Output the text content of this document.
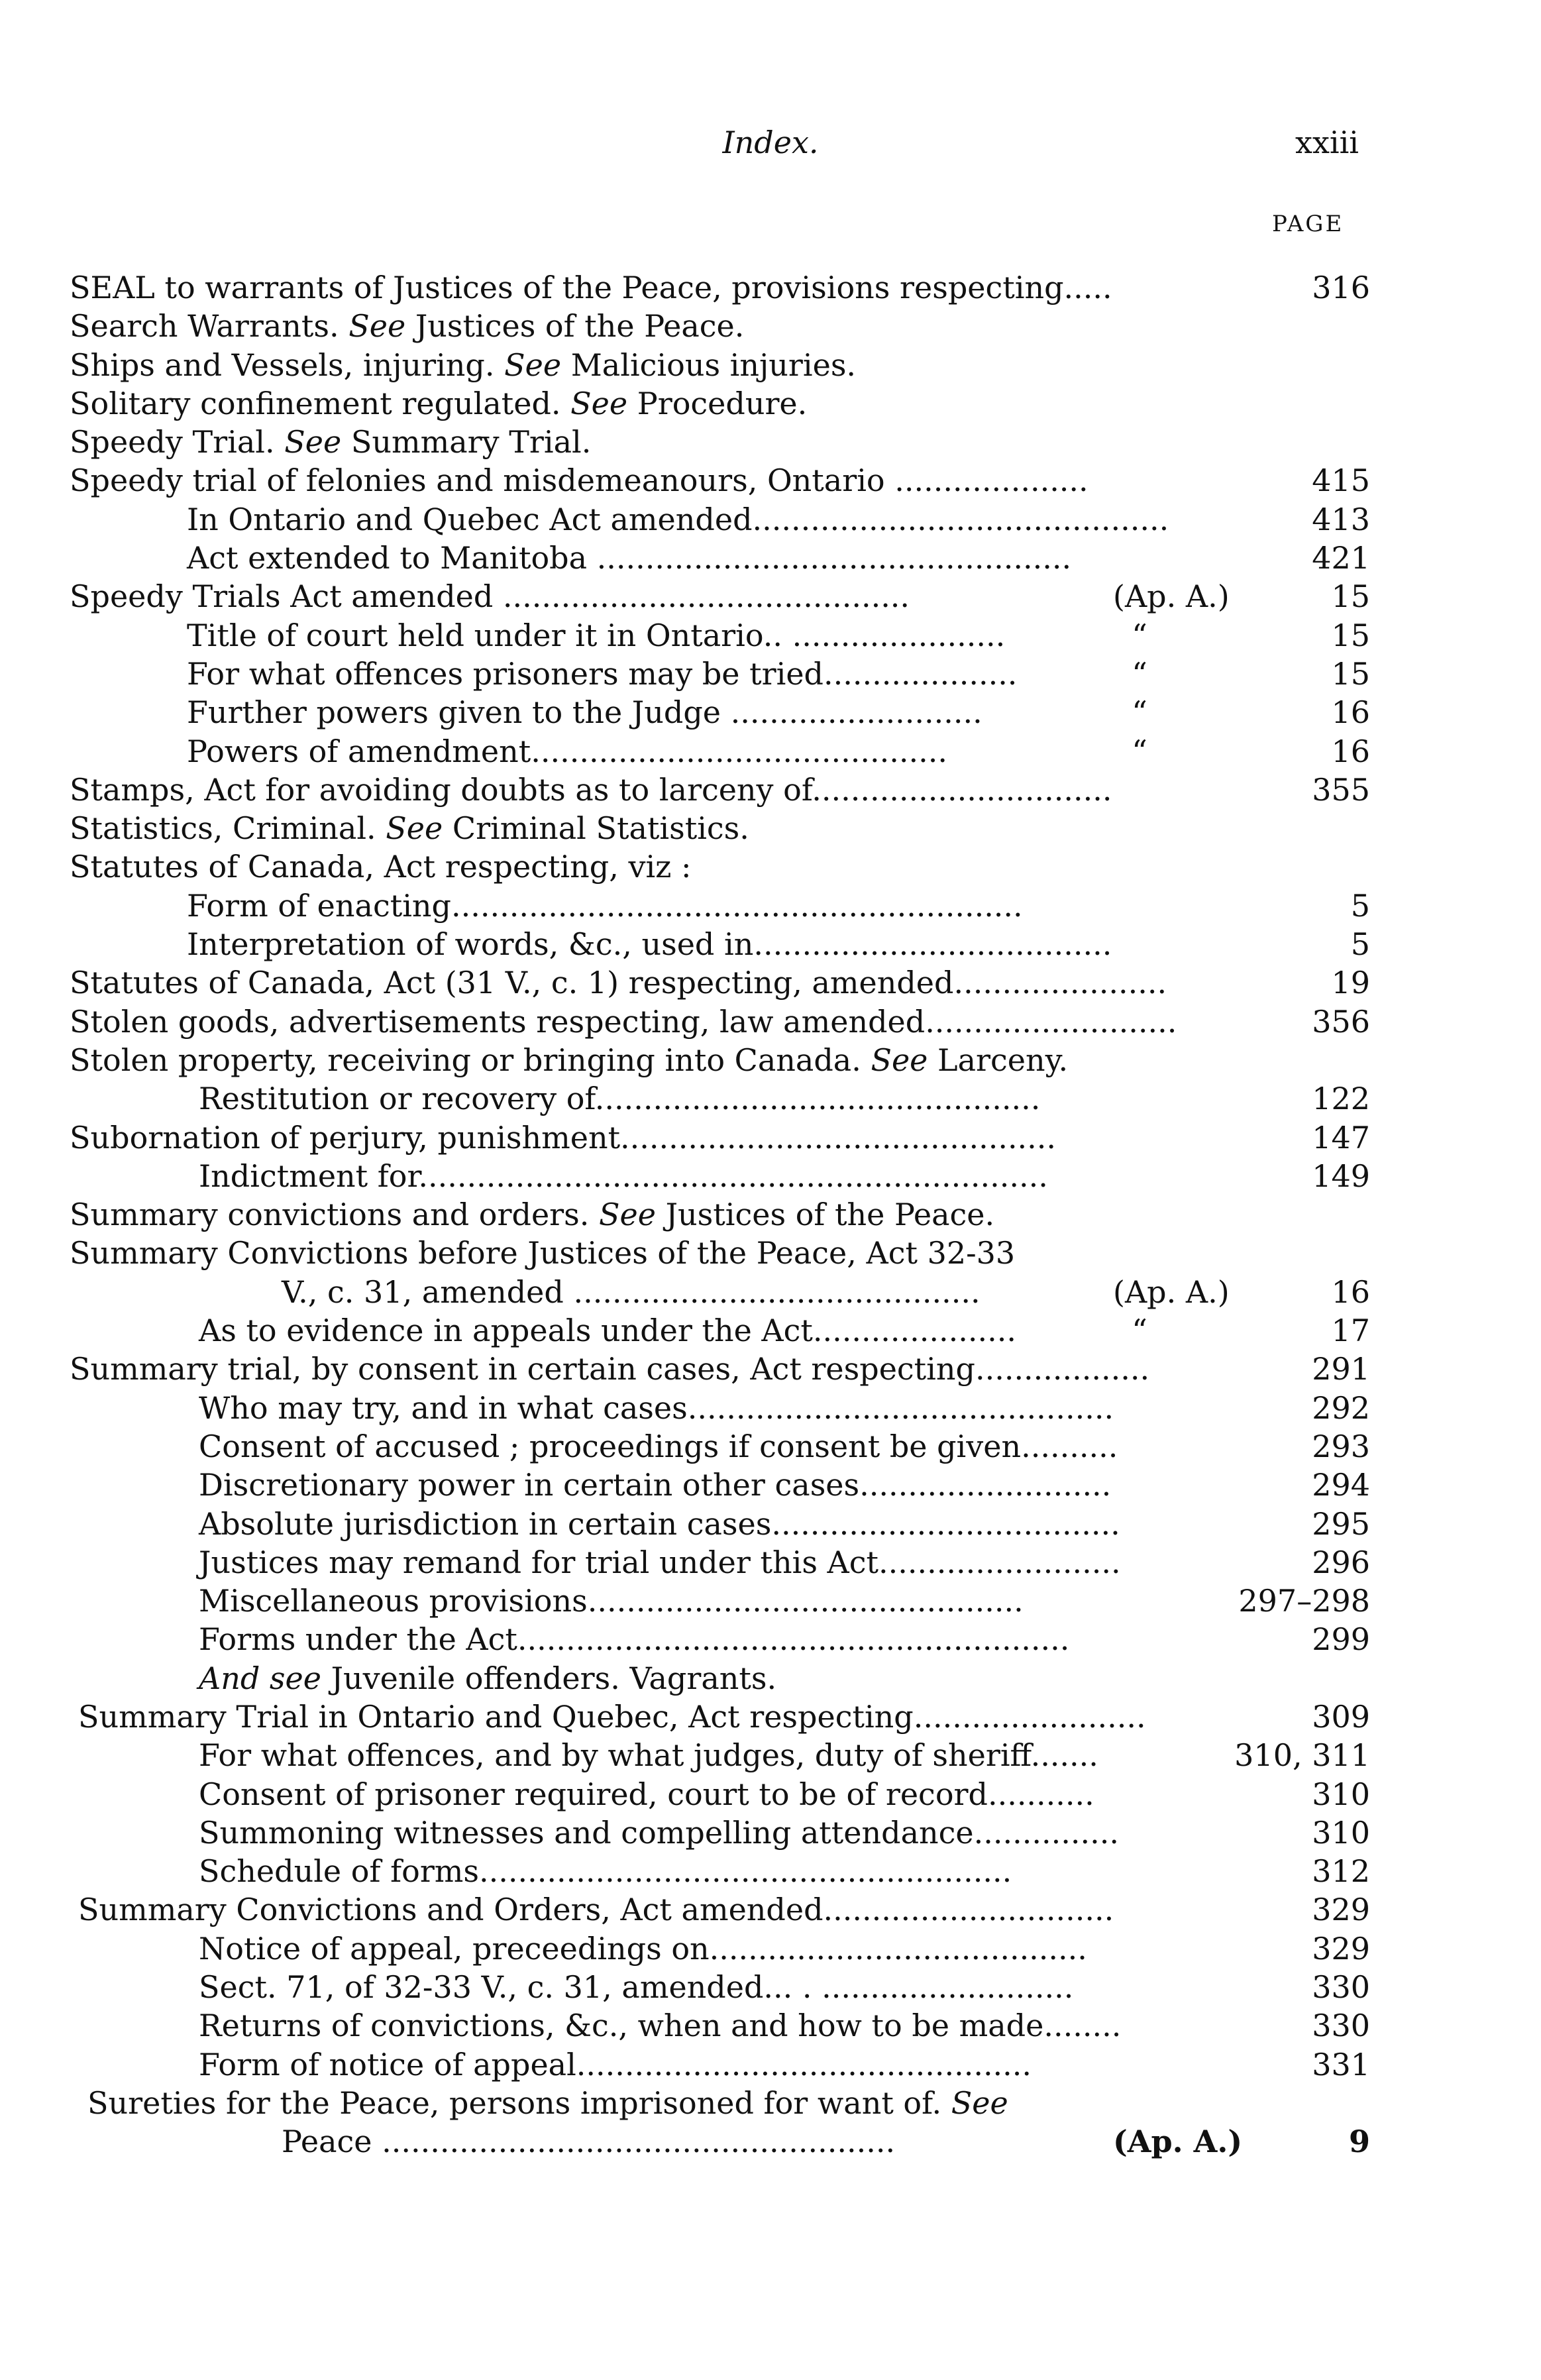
Index.	xxiii
PAGE
SEAL to warrants of Justices of the Peace, provisions respecting.....	316
Search Warrants. See Justices of the Peace.
Ships and Vessels, injuring. See Malicious injuries.
Solitary confinement regulated. See Procedure.
Speedy Trial. See Summary Trial.
Speedy trial of felonies and misdemeanours, Ontario ....................	415
In Ontario and Quebec Act amended...........................................	413
Act extended to Manitoba .................................................	421
Speedy Trials Act amended ..........................................	(Ap. A.)	15
Title of court held under it in Ontario.. ......................	“	15
For what offences prisoners may be tried....................	“	15
Further powers given to the Judge ..........................	“	16
Powers of amendment...........................................	“	16
Stamps, Act for avoiding doubts as to larceny of...............................	355
Statistics, Criminal. See Criminal Statistics.
Statutes of Canada, Act respecting, viz :
Form of enacting...........................................................	5
Interpretation of words, &c., used in.....................................	5
Statutes of Canada, Act (31 V., c. 1) respecting, amended......................	19
Stolen goods, advertisements respecting, law amended..........................	356
Stolen property, receiving or bringing into Canada. See Larceny.
Restitution or recovery of..............................................	122
Subornation of perjury, punishment.............................................	147
Indictment for.................................................................	149
Summary convictions and orders. See Justices of the Peace.
Summary Convictions before Justices of the Peace, Act 32-33
V., c. 31, amended ..........................................	(Ap. A.)	16
As to evidence in appeals under the Act.....................	“	17
Summary trial, by consent in certain cases, Act respecting..................	291
Who may try, and in what cases............................................	292
Consent of accused ; proceedings if consent be given..........	293
Discretionary power in certain other cases..........................	294
Absolute jurisdiction in certain cases....................................	295
Justices may remand for trial under this Act.........................	296
Miscellaneous provisions.............................................	297–298
Forms under the Act.........................................................	299
And see Juvenile offenders. Vagrants.
Summary Trial in Ontario and Quebec, Act respecting........................	309
For what offences, and by what judges, duty of sheriff.......	310, 311
Consent of prisoner required, court to be of record...........	310
Summoning witnesses and compelling attendance...............	310
Schedule of forms.......................................................	312
Summary Convictions and Orders, Act amended..............................	329
Notice of appeal, preceedings on.......................................	329
Sect. 71, of 32-33 V., c. 31, amended... . ..........................	330
Returns of convictions, &c., when and how to be made........	330
Form of notice of appeal...............................................	331
Sureties for the Peace, persons imprisoned for want of. See
Peace .....................................................	(Ap. A.)	9
